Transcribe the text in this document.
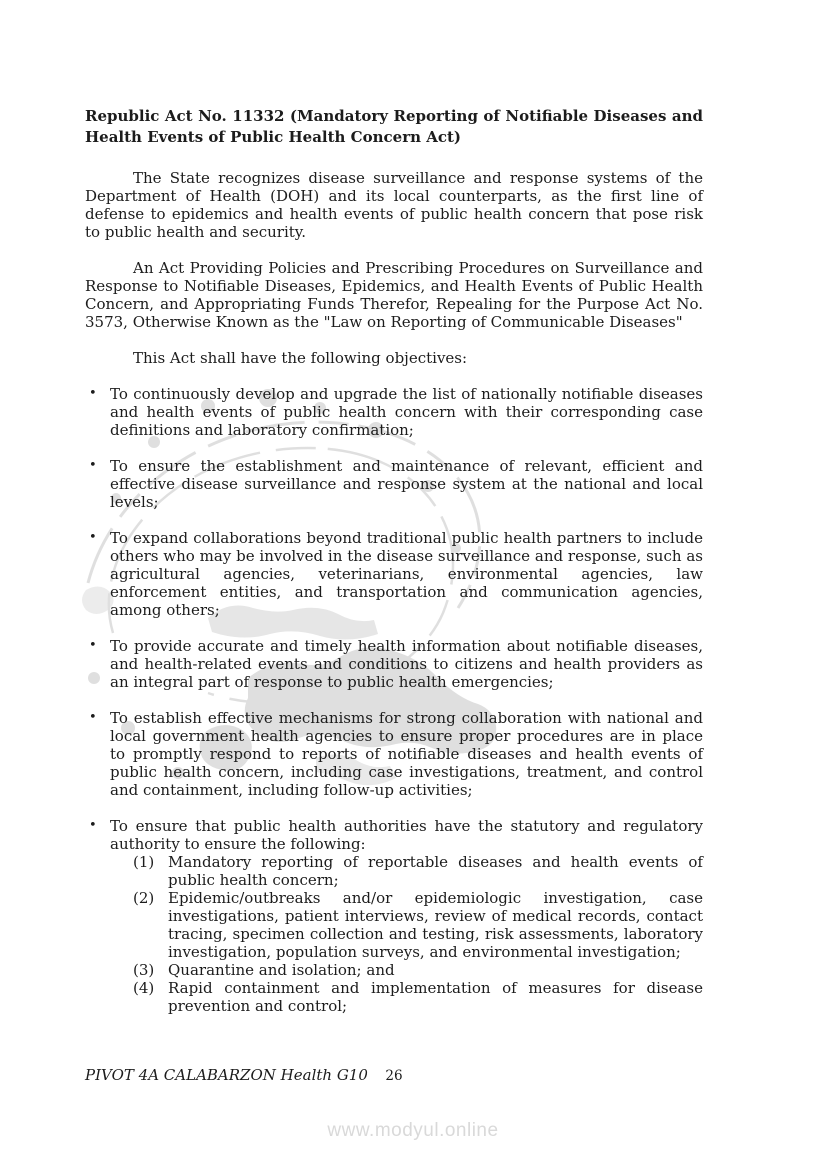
Republic Act No. 11332 (Mandatory Reporting of Notifiable Diseases and Health Events of Public Health Concern Act)

The State recognizes disease surveillance and response systems of the Department of Health (DOH) and its local counterparts, as the first line of defense to epidemics and health events of public health concern that pose risk to public health and security.

An Act Providing Policies and Prescribing Procedures on Surveillance and Response to Notifiable Diseases, Epidemics, and Health Events of Public Health Concern, and Appropriating Funds Therefor, Repealing for the Purpose Act No. 3573, Otherwise Known as the "Law on Reporting of Communicable Diseases"

This Act shall have the following objectives:

• To continuously develop and upgrade the list of nationally notifiable diseases and health events of public health concern with their corresponding case definitions and laboratory confirmation;
• To ensure the establishment and maintenance of relevant, efficient and effective disease surveillance and response system at the national and local levels;
• To expand collaborations beyond traditional public health partners to include others who may be involved in the disease surveillance and response, such as agricultural agencies, veterinarians, environmental agencies, law enforcement entities, and transportation and communication agencies, among others;
• To provide accurate and timely health information about notifiable diseases, and health-related events and conditions to citizens and health providers as an integral part of response to public health emergencies;
• To establish effective mechanisms for strong collaboration with national and local government health agencies to ensure proper procedures are in place to promptly respond to reports of notifiable diseases and health events of public health concern, including case investigations, treatment, and control and containment, including follow-up activities;
• To ensure that public health authorities have the statutory and regulatory authority to ensure the following:
(1) Mandatory reporting of reportable diseases and health events of public health concern;
(2) Epidemic/outbreaks and/or epidemiologic investigation, case investigations, patient interviews, review of medical records, contact tracing, specimen collection and testing, risk assessments, laboratory investigation, population surveys, and environmental investigation;
(3) Quarantine and isolation; and
(4) Rapid containment and implementation of measures for disease prevention and control;
PIVOT 4A CALABARZON Health G10 26
www.modyul.online
